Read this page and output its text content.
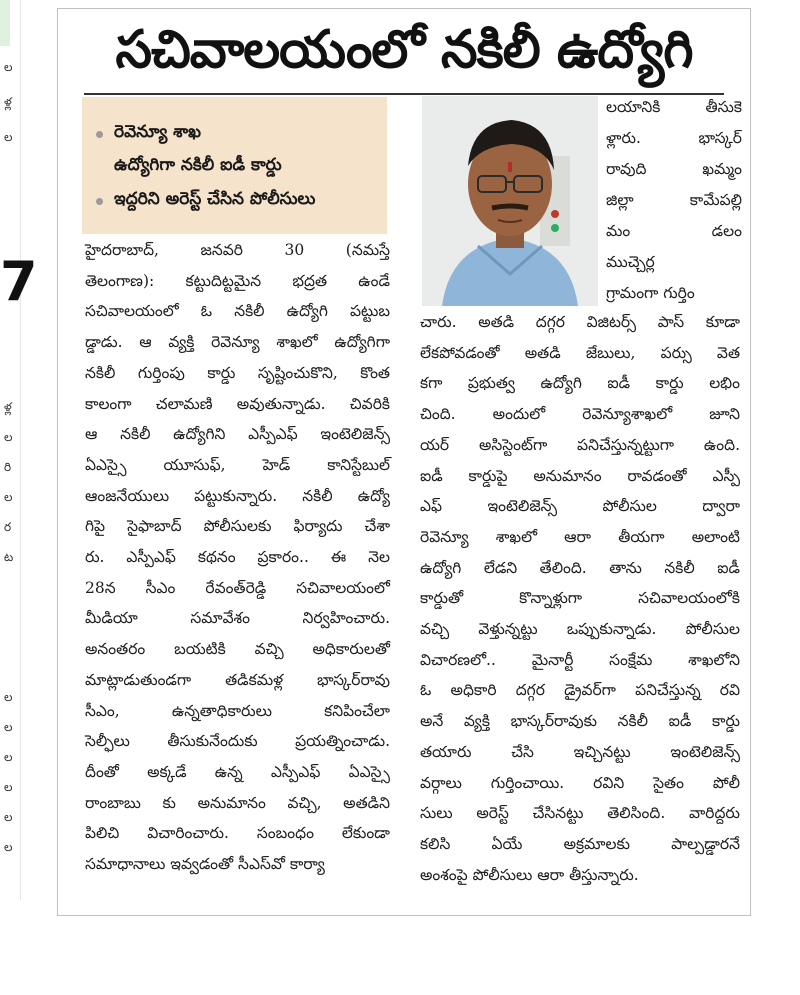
7
ల
ళ్ల
ల
ళ్ల
ల
రి
ల
ర
ట
ల
ల
ల
ల
ల
ల
సచివాలయంలో నకిలీ ఉద్యోగి
రెవెన్యూ శాఖ
ఉద్యోగిగా నకిలీ ఐడీ కార్డు
ఇద్దరిని అరెస్ట్ చేసిన పోలీసులు
లయానికి తీసుకె
ళ్లారు. భాస్కర్
రావుది ఖమ్మం
జిల్లా కామేపల్లి
మం డలం
ముచ్చెర్ల
గ్రామంగా గుర్తిం
హైదరాబాద్, జనవరి 30 (నమస్తే
తెలంగాణ): కట్టుదిట్టమైన భద్రత ఉండే
సచివాలయంలో ఓ నకిలీ ఉద్యోగి పట్టుబ
డ్డాడు. ఆ వ్యక్తి రెవెన్యూ శాఖలో ఉద్యోగిగా
నకిలీ గుర్తింపు కార్డు సృష్టించుకొని, కొంత
కాలంగా చలామణి అవుతున్నాడు. చివరికి
ఆ నకిలీ ఉద్యోగిని ఎస్పీఎఫ్ ఇంటెలిజెన్స్
ఏఎస్సై యూసుఫ్, హెడ్ కానిస్టేబుల్
ఆంజనేయులు పట్టుకున్నారు. నకిలీ ఉద్యో
గిపై సైఫాబాద్ పోలీసులకు ఫిర్యాదు చేశా
రు. ఎస్పీఎఫ్ కథనం ప్రకారం.. ఈ నెల
28న సీఎం రేవంత్‌రెడ్డి సచివాలయంలో
మీడియా సమావేశం నిర్వహించారు.
అనంతరం బయటికి వచ్చి అధికారులతో
మాట్లాడుతుండగా తడికమళ్ల భాస్కర్‌రావు
సీఎం, ఉన్నతాధికారులు కనిపించేలా
సెల్ఫీలు తీసుకునేందుకు ప్రయత్నించాడు.
దీంతో అక్కడే ఉన్న ఎస్పీఎఫ్ ఏఎస్సై
రాంబాబు కు అనుమానం వచ్చి, అతడిని
పిలిచి విచారించారు. సంబంధం లేకుండా
సమాధానాలు ఇవ్వడంతో సీఎస్‌వో కార్యా
చారు. అతడి దగ్గర విజిటర్స్ పాస్ కూడా
లేకపోవడంతో అతడి జేబులు, పర్సు వెత
కగా ప్రభుత్వ ఉద్యోగి ఐడీ కార్డు లభిం
చింది. అందులో రెవెన్యూశాఖలో జూని
యర్ అసిస్టెంట్‌గా పనిచేస్తున్నట్టుగా ఉంది.
ఐడీ కార్డుపై అనుమానం రావడంతో ఎస్పీ
ఎఫ్ ఇంటెలిజెన్స్ పోలీసుల ద్వారా
రెవెన్యూ శాఖలో ఆరా తీయగా అలాంటి
ఉద్యోగి లేడని తేలింది. తాను నకిలీ ఐడీ
కార్డుతో కొన్నాళ్లుగా సచివాలయంలోకి
వచ్చి వెళ్తున్నట్టు ఒప్పుకున్నాడు. పోలీసుల
విచారణలో.. మైనార్టీ సంక్షేమ శాఖలోని
ఓ అధికారి దగ్గర డ్రైవర్‌గా పనిచేస్తున్న రవి
అనే వ్యక్తి భాస్కర్‌రావుకు నకిలీ ఐడీ కార్డు
తయారు చేసి ఇచ్చినట్టు ఇంటెలిజెన్స్
వర్గాలు గుర్తించాయి. రవిని సైతం పోలీ
సులు అరెస్ట్ చేసినట్టు తెలిసింది. వారిద్దరు
కలిసి ఏయే అక్రమాలకు పాల్పడ్డారనే
అంశంపై పోలీసులు ఆరా తీస్తున్నారు.
